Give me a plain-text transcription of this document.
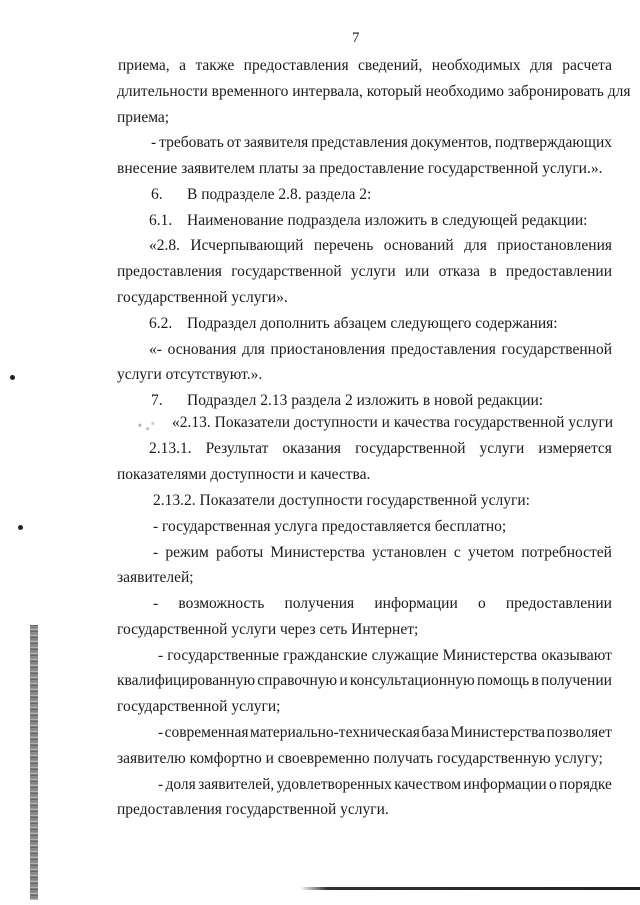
7
приема, а также предоставления сведений, необходимых для расчета
длительности временного интервала, который необходимо забронировать для
приема;
- требовать от заявителя представления документов, подтверждающих
внесение заявителем платы за предоставление государственной услуги.».
6. В подразделе 2.8. раздела 2:
6.1. Наименование подраздела изложить в следующей редакции:
«2.8. Исчерпывающий перечень оснований для приостановления
предоставления государственной услуги или отказа в предоставлении
государственной услуги».
6.2. Подраздел дополнить абзацем следующего содержания:
«- основания для приостановления предоставления государственной
услуги отсутствуют.».
7. Подраздел 2.13 раздела 2 изложить в новой редакции:
«2.13. Показатели доступности и качества государственной услуги
2.13.1. Результат оказания государственной услуги измеряется
показателями доступности и качества.
2.13.2. Показатели доступности государственной услуги:
- государственная услуга предоставляется бесплатно;
- режим работы Министерства установлен с учетом потребностей
заявителей;
- возможность получения информации о предоставлении
государственной услуги через сеть Интернет;
- государственные гражданские служащие Министерства оказывают
квалифицированную справочную и консультационную помощь в получении
государственной услуги;
- современная материально-техническая база Министерства позволяет
заявителю комфортно и своевременно получать государственную услугу;
- доля заявителей, удовлетворенных качеством информации о порядке
предоставления государственной услуги.
